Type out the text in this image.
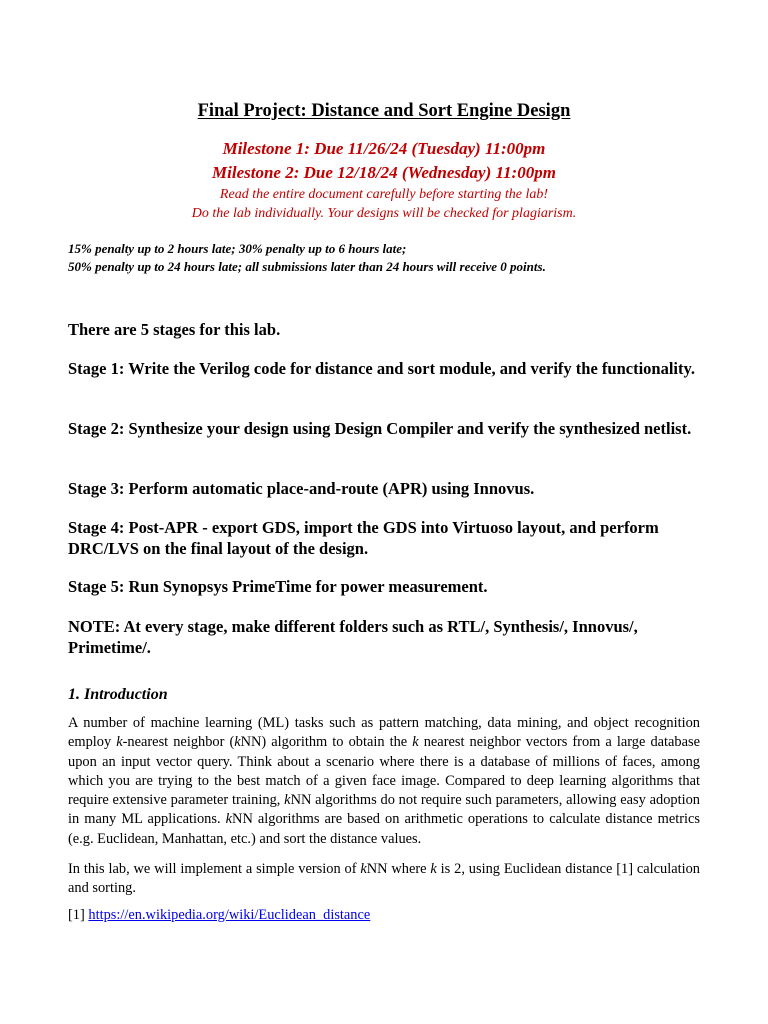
Final Project: Distance and Sort Engine Design
Milestone 1: Due 11/26/24 (Tuesday) 11:00pm
Milestone 2: Due 12/18/24 (Wednesday) 11:00pm
Read the entire document carefully before starting the lab!
Do the lab individually. Your designs will be checked for plagiarism.
15% penalty up to 2 hours late; 30% penalty up to 6 hours late;
50% penalty up to 24 hours late; all submissions later than 24 hours will receive 0 points.
There are 5 stages for this lab.
Stage 1: Write the Verilog code for distance and sort module, and verify the functionality.
Stage 2: Synthesize your design using Design Compiler and verify the synthesized netlist.
Stage 3: Perform automatic place-and-route (APR) using Innovus.
Stage 4: Post-APR - export GDS, import the GDS into Virtuoso layout, and perform DRC/LVS on the final layout of the design.
Stage 5: Run Synopsys PrimeTime for power measurement.
NOTE: At every stage, make different folders such as RTL/, Synthesis/, Innovus/, Primetime/.
1. Introduction

A number of machine learning (ML) tasks such as pattern matching, data mining, and object recognition employ k-nearest neighbor (kNN) algorithm to obtain the k nearest neighbor vectors from a large database upon an input vector query. Think about a scenario where there is a database of millions of faces, among which you are trying to the best match of a given face image. Compared to deep learning algorithms that require extensive parameter training, kNN algorithms do not require such parameters, allowing easy adoption in many ML applications. kNN algorithms are based on arithmetic operations to calculate distance metrics (e.g. Euclidean, Manhattan, etc.) and sort the distance values.

In this lab, we will implement a simple version of kNN where k is 2, using Euclidean distance [1] calculation and sorting.

[1] https://en.wikipedia.org/wiki/Euclidean_distance
